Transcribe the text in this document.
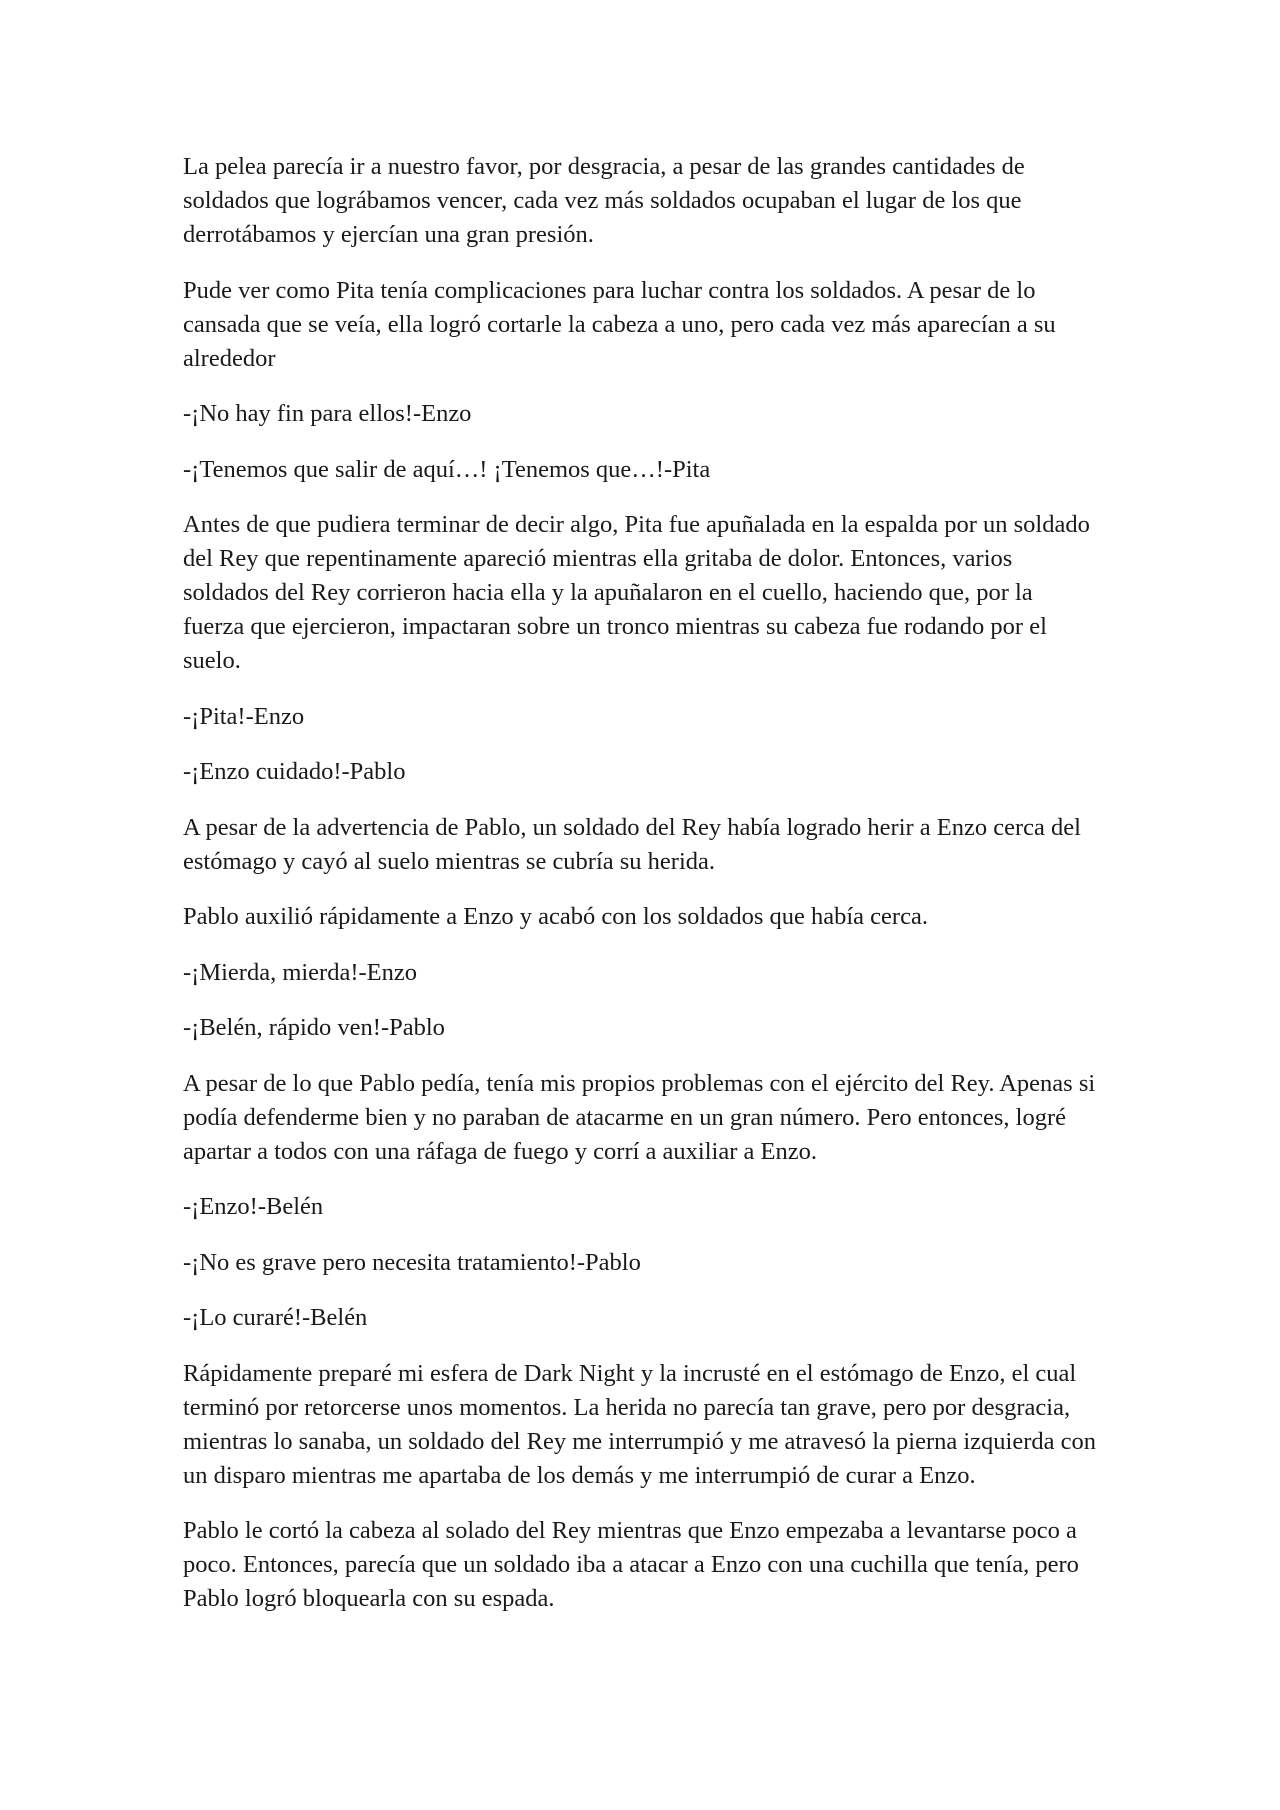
La pelea parecía ir a nuestro favor, por desgracia, a pesar de las grandes cantidades de soldados que lográbamos vencer, cada vez más soldados ocupaban el lugar de los que derrotábamos y ejercían una gran presión.

Pude ver como Pita tenía complicaciones para luchar contra los soldados. A pesar de lo cansada que se veía, ella logró cortarle la cabeza a uno, pero cada vez más aparecían a su alrededor

-¡No hay fin para ellos!-Enzo

-¡Tenemos que salir de aquí…! ¡Tenemos que…!-Pita

Antes de que pudiera terminar de decir algo, Pita fue apuñalada en la espalda por un soldado del Rey que repentinamente apareció mientras ella gritaba de dolor. Entonces, varios soldados del Rey corrieron hacia ella y la apuñalaron en el cuello, haciendo que, por la fuerza que ejercieron, impactaran sobre un tronco mientras su cabeza fue rodando por el suelo.

-¡Pita!-Enzo

-¡Enzo cuidado!-Pablo

A pesar de la advertencia de Pablo, un soldado del Rey había logrado herir a Enzo cerca del estómago y cayó al suelo mientras se cubría su herida.

Pablo auxilió rápidamente a Enzo y acabó con los soldados que había cerca.

-¡Mierda, mierda!-Enzo

-¡Belén, rápido ven!-Pablo

A pesar de lo que Pablo pedía, tenía mis propios problemas con el ejército del Rey. Apenas si podía defenderme bien y no paraban de atacarme en un gran número. Pero entonces, logré apartar a todos con una ráfaga de fuego y corrí a auxiliar a Enzo.

-¡Enzo!-Belén

-¡No es grave pero necesita tratamiento!-Pablo

-¡Lo curaré!-Belén

Rápidamente preparé mi esfera de Dark Night y la incrusté en el estómago de Enzo, el cual terminó por retorcerse unos momentos. La herida no parecía tan grave, pero por desgracia, mientras lo sanaba, un soldado del Rey me interrumpió y me atravesó la pierna izquierda con un disparo mientras me apartaba de los demás y me interrumpió de curar a Enzo.

Pablo le cortó la cabeza al solado del Rey mientras que Enzo empezaba a levantarse poco a poco. Entonces, parecía que un soldado iba a atacar a Enzo con una cuchilla que tenía, pero Pablo logró bloquearla con su espada.
